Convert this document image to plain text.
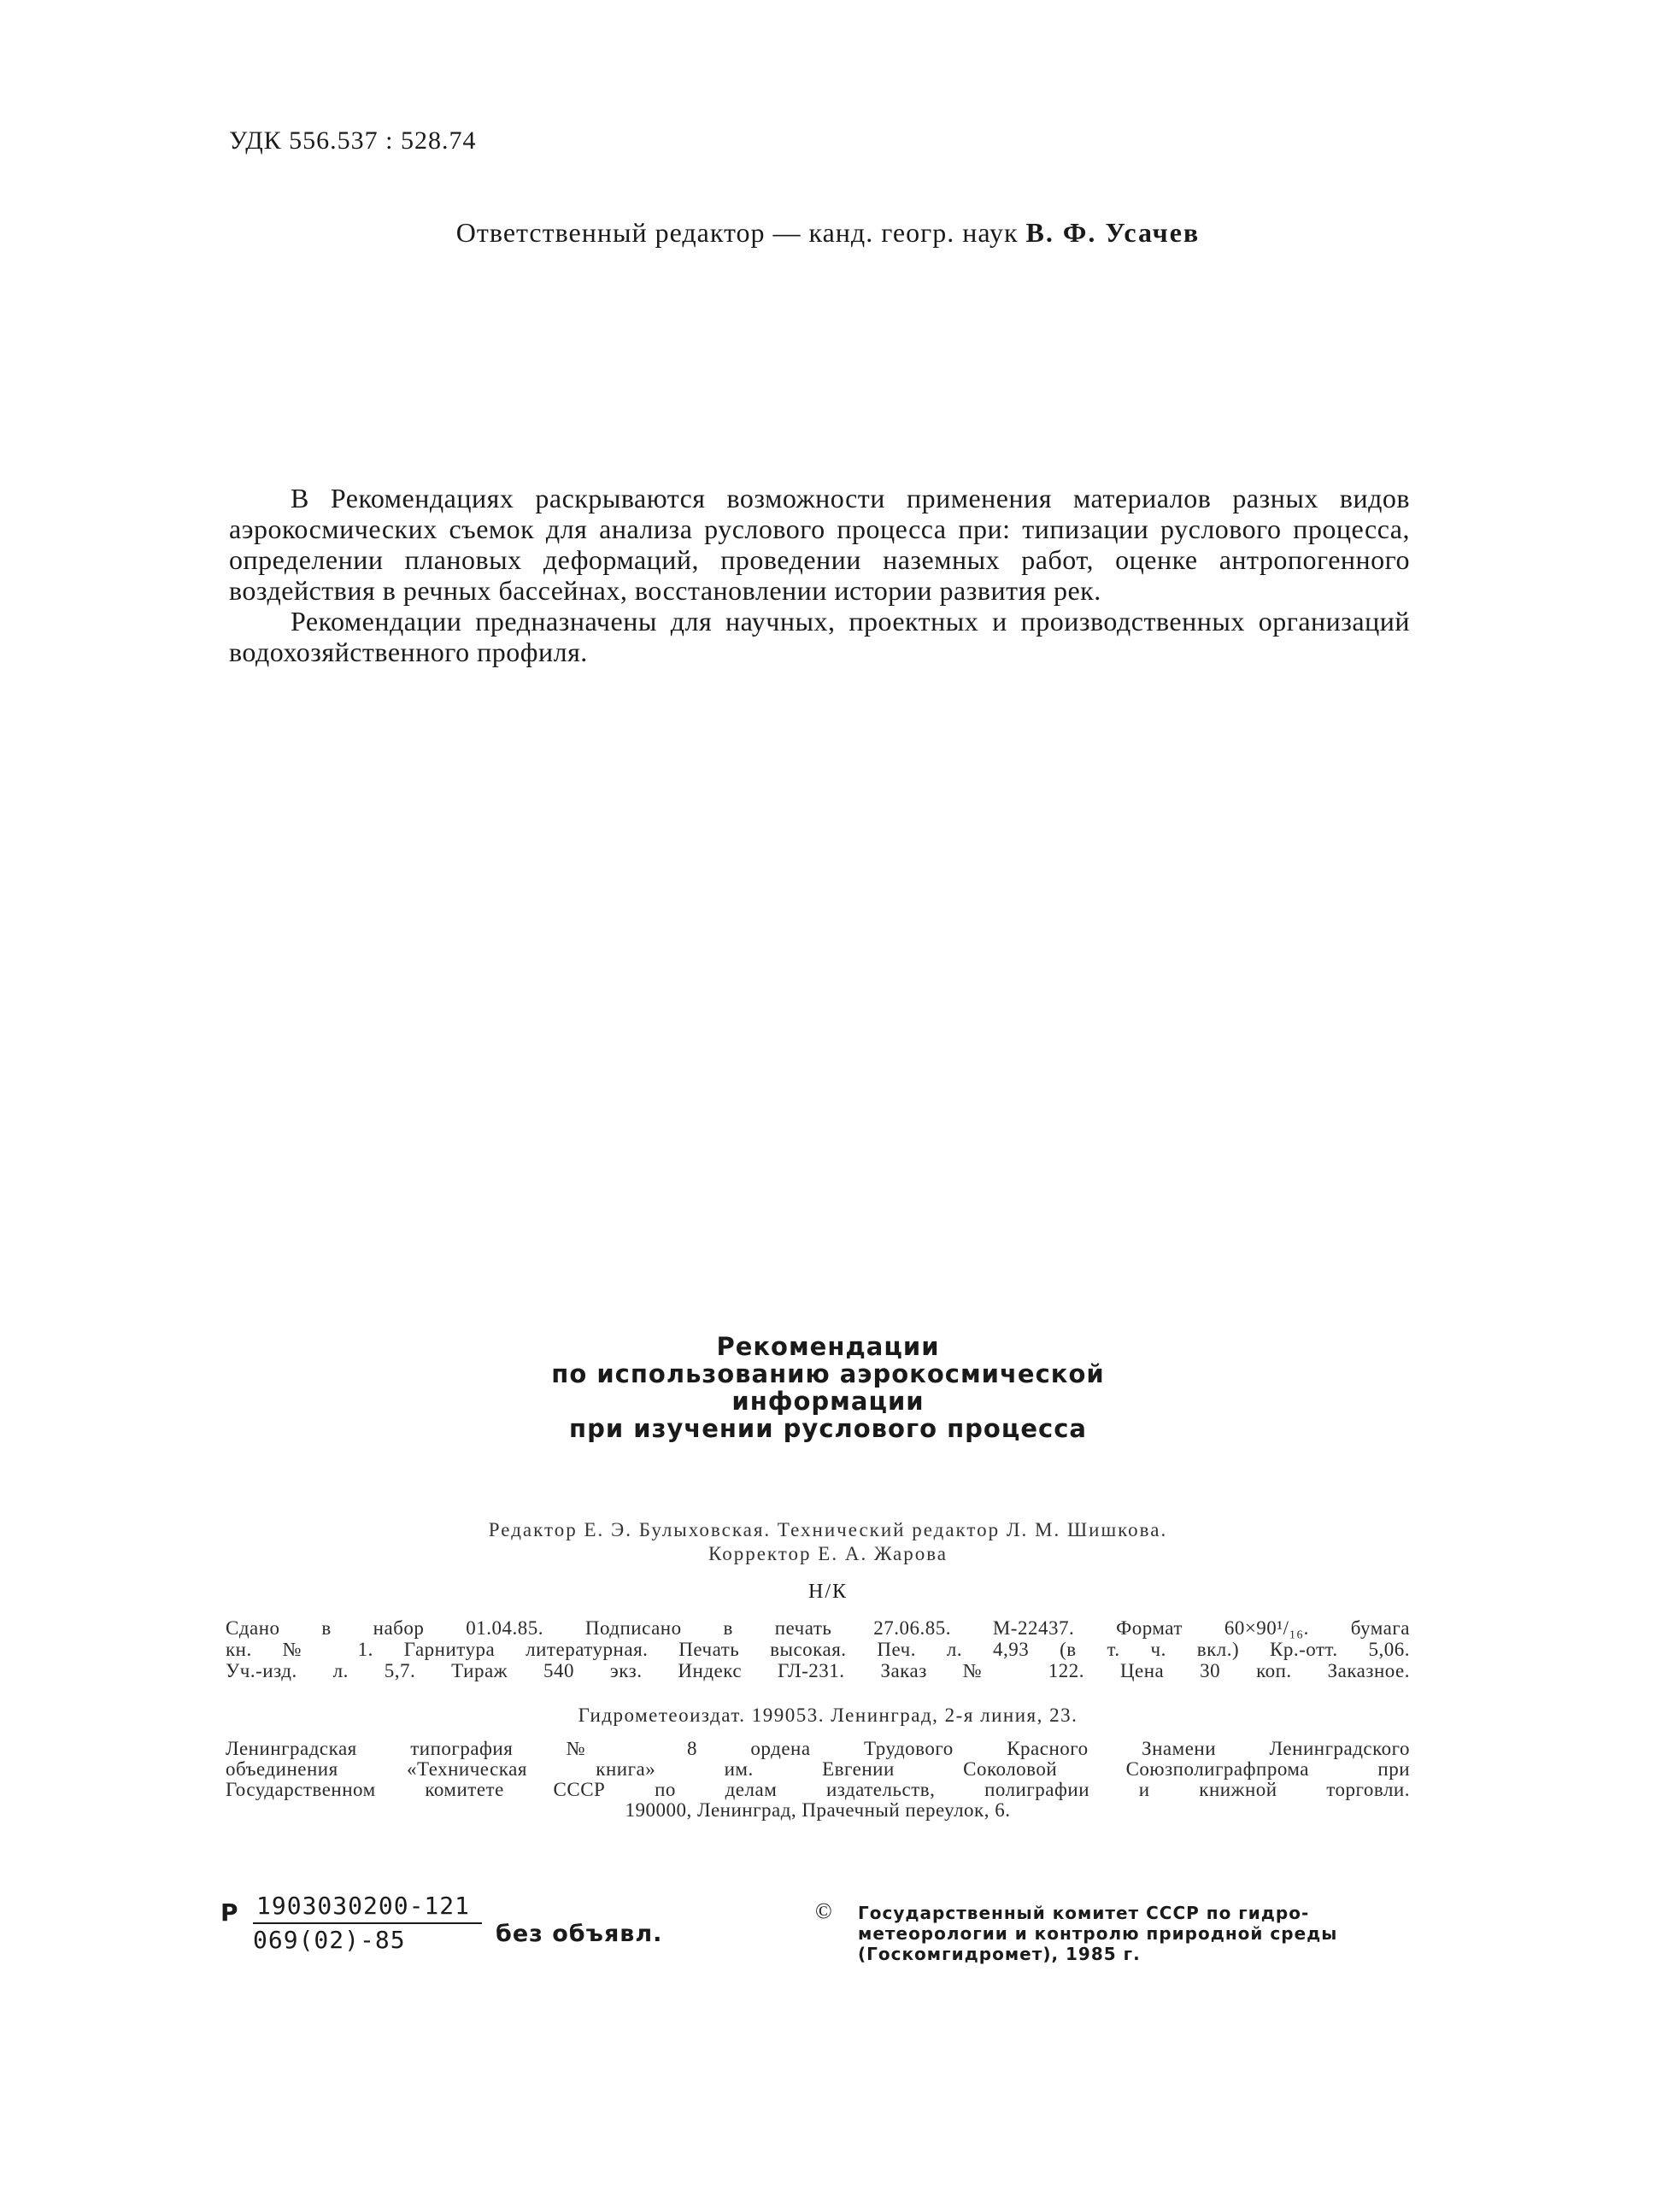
УДК 556.537 : 528.74
Ответственный редактор — канд. геогр. наук В. Ф. Усачев

В Рекомендациях раскрываются возможности применения материалов разных видов аэрокосмических съемок для анализа руслового процесса при: типизации руслового процесса, определении плановых деформаций, проведении наземных работ, оценке антропогенного воздействия в речных бассейнах, восстановлении истории развития рек.

Рекомендации предназначены для научных, проектных и производственных организаций водохозяйственного профиля.

Рекомендации
по использованию аэрокосмической
информации
при изучении руслового процесса
Редактор Е. Э. Булыховская. Технический редактор Л. М. Шишкова.
Корректор Е. А. Жарова
Н/К
Сдано в набор 01.04.85. Подписано в печать 27.06.85. М-22437. Формат 60×90¹/₁₆. бумага
кн. № 1. Гарнитура литературная. Печать высокая. Печ. л. 4,93 (в т. ч. вкл.) Кр.-отт. 5,06.
Уч.-изд. л. 5,7. Тираж 540 экз. Индекс ГЛ-231. Заказ № 122. Цена 30 коп. Заказное.
Гидрометеоиздат. 199053. Ленинград, 2-я линия, 23.
Ленинградская типография № 8 ордена Трудового Красного Знамени Ленинградского
объединения «Техническая книга» им. Евгении Соколовой Союзполиграфпрома при
Государственном комитете СССР по делам издательств, полиграфии и книжной торговли.
190000, Ленинград, Прачечный переулок, 6.
Р 1903030200-121
069(02)-85	без объявл.
© Государственный комитет СССР по гидро-
метеорологии и контролю природной среды
(Госкомгидромет), 1985 г.
